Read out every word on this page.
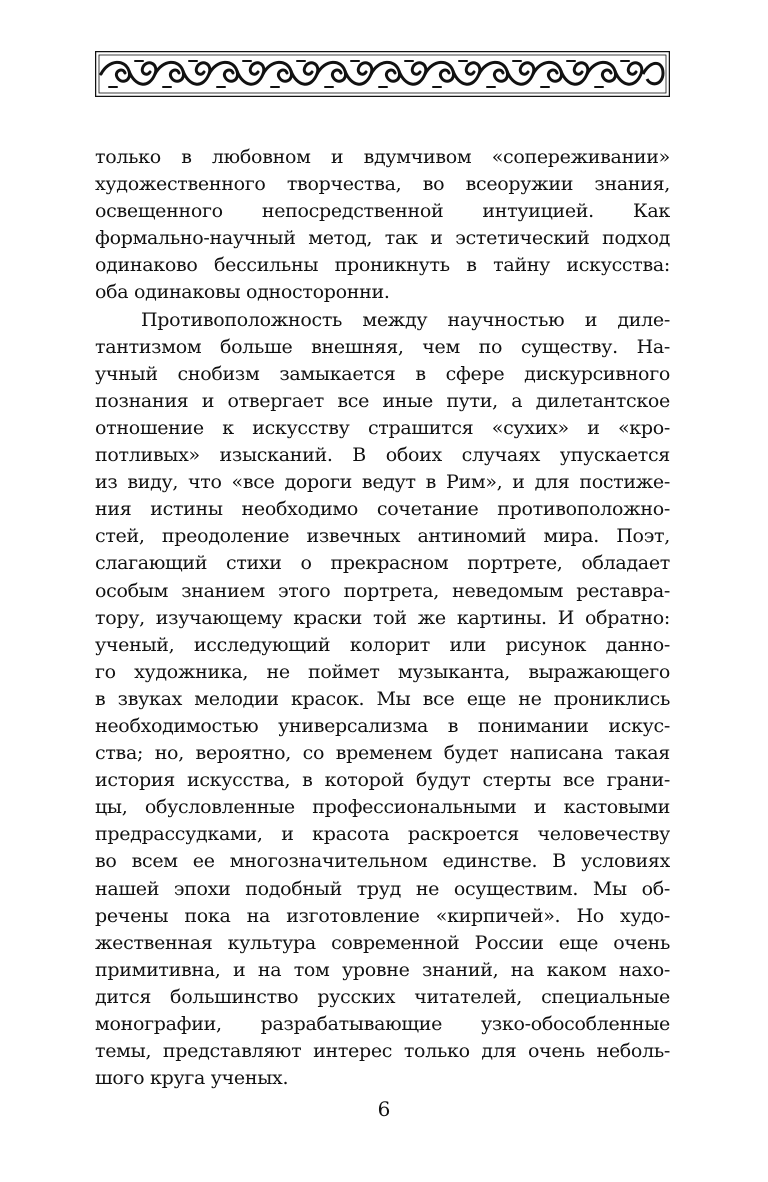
только в любовном и вдумчивом «сопереживании»
художественного творчества, во всеоружии знания,
освещенного непосредственной интуицией. Как
формально-научный метод, так и эстетический подход
одинаково бессильны проникнуть в тайну искусства:
оба одинаковы односторонни.
Противоположность между научностью и диле-
тантизмом больше внешняя, чем по существу. На-
учный снобизм замыкается в сфере дискурсивного
познания и отвергает все иные пути, а дилетантское
отношение к искусству страшится «сухих» и «кро-
потливых» изысканий. В обоих случаях упускается
из виду, что «все дороги ведут в Рим», и для постиже-
ния истины необходимо сочетание противоположно-
стей, преодоление извечных антиномий мира. Поэт,
слагающий стихи о прекрасном портрете, обладает
особым знанием этого портрета, неведомым реставра-
тору, изучающему краски той же картины. И обратно:
ученый, исследующий колорит или рисунок данно-
го художника, не поймет музыканта, выражающего
в звуках мелодии красок. Мы все еще не прониклись
необходимостью универсализма в понимании искус-
ства; но, вероятно, со временем будет написана такая
история искусства, в которой будут стерты все грани-
цы, обусловленные профессиональными и кастовыми
предрассудками, и красота раскроется человечеству
во всем ее многозначительном единстве. В условиях
нашей эпохи подобный труд не осуществим. Мы об-
речены пока на изготовление «кирпичей». Но худо-
жественная культура современной России еще очень
примитивна, и на том уровне знаний, на каком нахо-
дится большинство русских читателей, специальные
монографии, разрабатывающие узко-обособленные
темы, представляют интерес только для очень неболь-
шого круга ученых.
6
